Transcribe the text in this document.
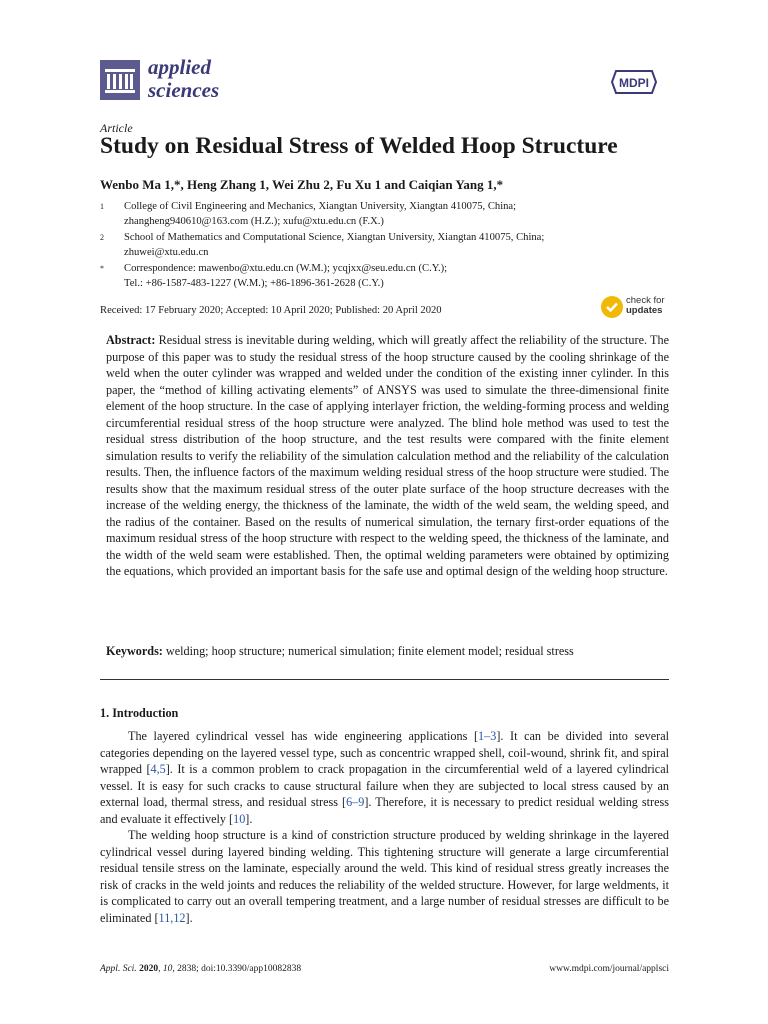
applied
sciences	MDPI
Article
Study on Residual Stress of Welded Hoop Structure
Wenbo Ma 1,*, Heng Zhang 1, Wei Zhu 2, Fu Xu 1 and Caiqian Yang 1,*
1 College of Civil Engineering and Mechanics, Xiangtan University, Xiangtan 410075, China;
zhangheng940610@163.com (H.Z.); xufu@xtu.edu.cn (F.X.)
2 School of Mathematics and Computational Science, Xiangtan University, Xiangtan 410075, China;
zhuwei@xtu.edu.cn
* Correspondence: mawenbo@xtu.edu.cn (W.M.); ycqjxx@seu.edu.cn (C.Y.);
Tel.: +86-1587-483-1227 (W.M.); +86-1896-361-2628 (C.Y.)
Received: 17 February 2020; Accepted: 10 April 2020; Published: 20 April 2020
check for
updates

Abstract: Residual stress is inevitable during welding, which will greatly affect the reliability of the structure. The purpose of this paper was to study the residual stress of the hoop structure caused by the cooling shrinkage of the weld when the outer cylinder was wrapped and welded under the condition of the existing inner cylinder. In this paper, the “method of killing activating elements” of ANSYS was used to simulate the three-dimensional finite element of the hoop structure. In the case of applying interlayer friction, the welding-forming process and welding circumferential residual stress of the hoop structure were analyzed. The blind hole method was used to test the residual stress distribution of the hoop structure, and the test results were compared with the finite element simulation results to verify the reliability of the simulation calculation method and the reliability of the calculation results. Then, the influence factors of the maximum welding residual stress of the hoop structure were studied. The results show that the maximum residual stress of the outer plate surface of the hoop structure decreases with the increase of the welding energy, the thickness of the laminate, the width of the weld seam, the welding speed, and the radius of the container. Based on the results of numerical simulation, the ternary first-order equations of the maximum residual stress of the hoop structure with respect to the welding speed, the thickness of the laminate, and the width of the weld seam were established. Then, the optimal welding parameters were obtained by optimizing the equations, which provided an important basis for the safe use and optimal design of the welding hoop structure.

Keywords: welding; hoop structure; numerical simulation; finite element model; residual stress
1. Introduction

The layered cylindrical vessel has wide engineering applications [1–3]. It can be divided into several categories depending on the layered vessel type, such as concentric wrapped shell, coil-wound, shrink fit, and spiral wrapped [4,5]. It is a common problem to crack propagation in the circumferential weld of a layered cylindrical vessel. It is easy for such cracks to cause structural failure when they are subjected to local stress caused by an external load, thermal stress, and residual stress [6–9]. Therefore, it is necessary to predict residual welding stress and evaluate it effectively [10].

The welding hoop structure is a kind of constriction structure produced by welding shrinkage in the layered cylindrical vessel during layered binding welding. This tightening structure will generate a large circumferential residual tensile stress on the laminate, especially around the weld. This kind of residual stress greatly increases the risk of cracks in the weld joints and reduces the reliability of the welded structure. However, for large weldments, it is complicated to carry out an overall tempering treatment, and a large number of residual stresses are difficult to be eliminated [11,12].

Appl. Sci. 2020, 10, 2838; doi:10.3390/app10082838	www.mdpi.com/journal/applsci
